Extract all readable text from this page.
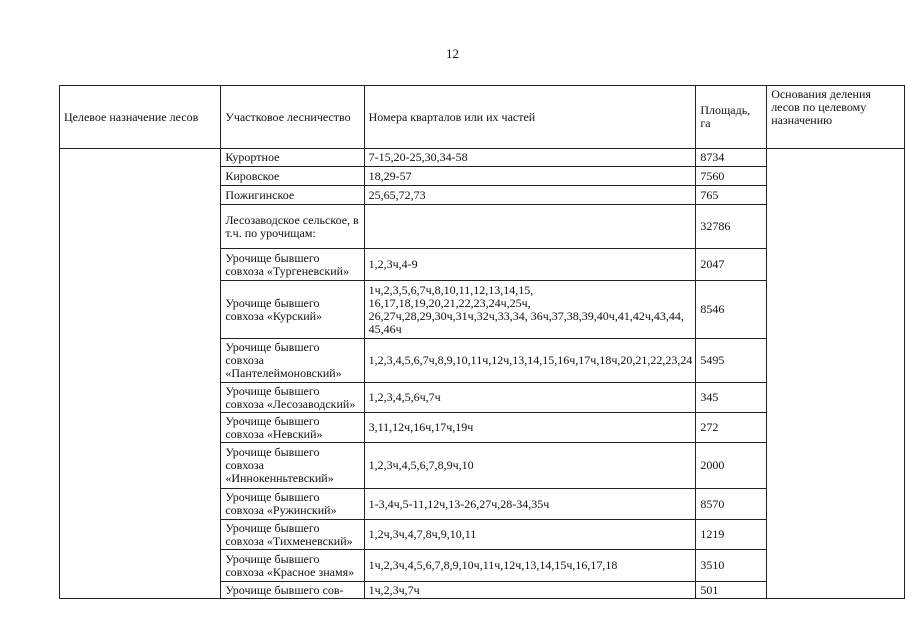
12
Целевое назначение лесов	Участковое лесничество	Номера кварталов или их частей	Площадь, га	Основания деления лесов по целевому назначению
	Курортное	7-15,20-25,30,34-58	8734	
	Кировское	18,29-57	7560	
	Пожигинское	25,65,72,73	765	
	Лесозаводское сельское, в т.ч. по урочищам:		32786	
	Урочище бывшего совхоза «Тургеневский»	1,2,3ч,4-9	2047	
	Урочище бывшего совхоза «Курский»	1ч,2,3,5,6,7ч,8,10,11,12,13,14,15, 16,17,18,19,20,21,22,23,24ч,25ч, 26,27ч,28,29,30ч,31ч,32ч,33,34, 36ч,37,38,39,40ч,41,42ч,43,44, 45,46ч	8546	
	Урочище бывшего совхоза «Пантелеймоновский»	1,2,3,4,5,6,7ч,8,9,10,11ч,12ч,13,14,15,16ч,17ч,18ч,20,21,22,23,24	5495	
	Урочище бывшего совхоза «Лесозаводский»	1,2,3,4,5,6ч,7ч	345	
	Урочище бывшего совхоза «Невский»	3,11,12ч,16ч,17ч,19ч	272	
	Урочище бывшего совхоза «Иннокенньтевский»	1,2,3ч,4,5,6,7,8,9ч,10	2000	
	Урочище бывшего совхоза «Ружинский»	1-3,4ч,5-11,12ч,13-26,27ч,28-34,35ч	8570	
	Урочище бывшего совхоза «Тихменевский»	1,2ч,3ч,4,7,8ч,9,10,11	1219	
	Урочище бывшего совхоза «Красное знамя»	1ч,2,3ч,4,5,6,7,8,9,10ч,11ч,12ч,13,14,15ч,16,17,18	3510	
	Урочище бывшего сов-	1ч,2,3ч,7ч	501	
